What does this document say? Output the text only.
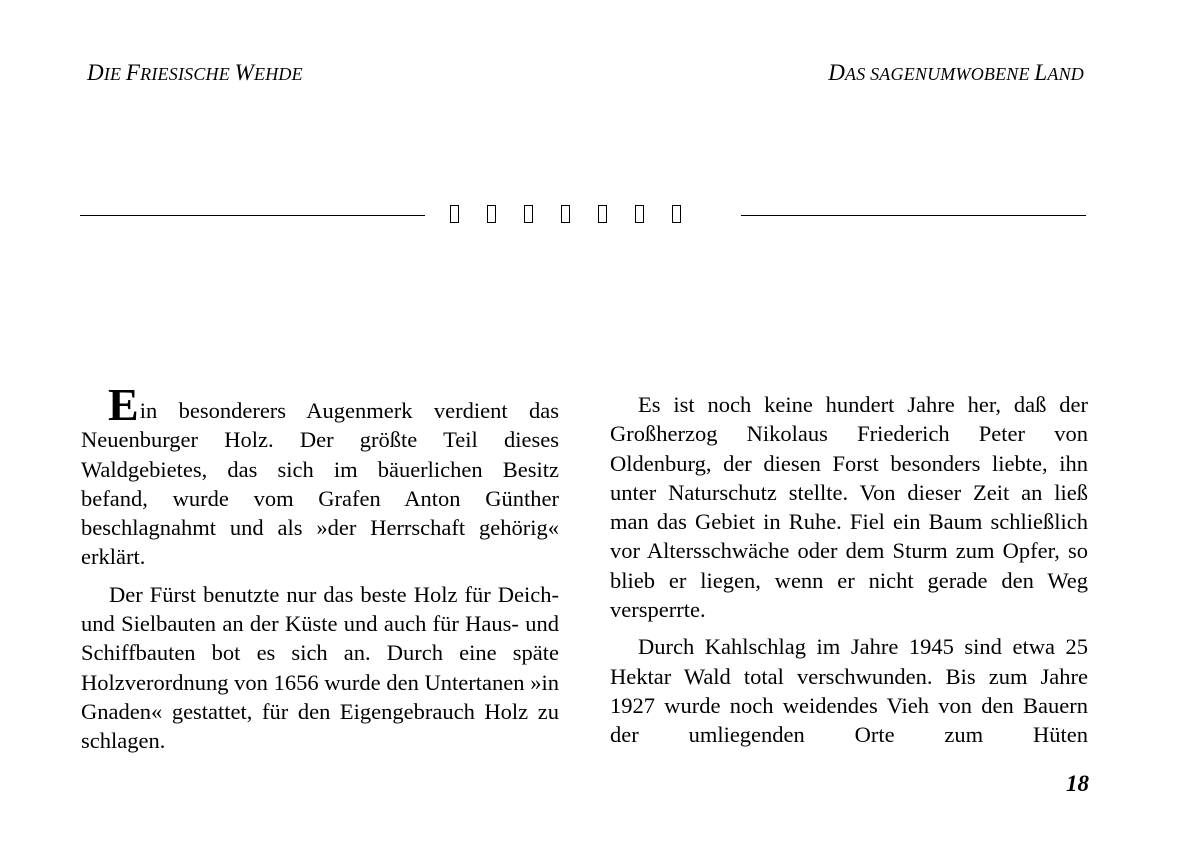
DIE FRIESISCHE WEHDE	DAS SAGENUMWOBENE LAND

Ein besonderers Augenmerk verdient das Neuenburger Holz. Der größte Teil dieses Waldgebietes, das sich im bäuerlichen Besitz befand, wurde vom Grafen Anton Günther beschlagnahmt und als »der Herrschaft gehörig« erklärt.

Der Fürst benutzte nur das beste Holz für Deich- und Sielbauten an der Küste und auch für Haus- und Schiffbauten bot es sich an. Durch eine späte Holzverordnung von 1656 wurde den Untertanen »in Gnaden« gestattet, für den Eigengebrauch Holz zu schlagen.

Es ist noch keine hundert Jahre her, daß der Großherzog Nikolaus Friederich Peter von Oldenburg, der diesen Forst besonders liebte, ihn unter Naturschutz stellte. Von dieser Zeit an ließ man das Gebiet in Ruhe. Fiel ein Baum schließlich vor Altersschwäche oder dem Sturm zum Opfer, so blieb er liegen, wenn er nicht gerade den Weg versperrte.

Durch Kahlschlag im Jahre 1945 sind etwa 25 Hektar Wald total verschwunden. Bis zum Jahre 1927 wurde noch weidendes Vieh von den Bauern der umliegenden Orte zum Hüten

18
